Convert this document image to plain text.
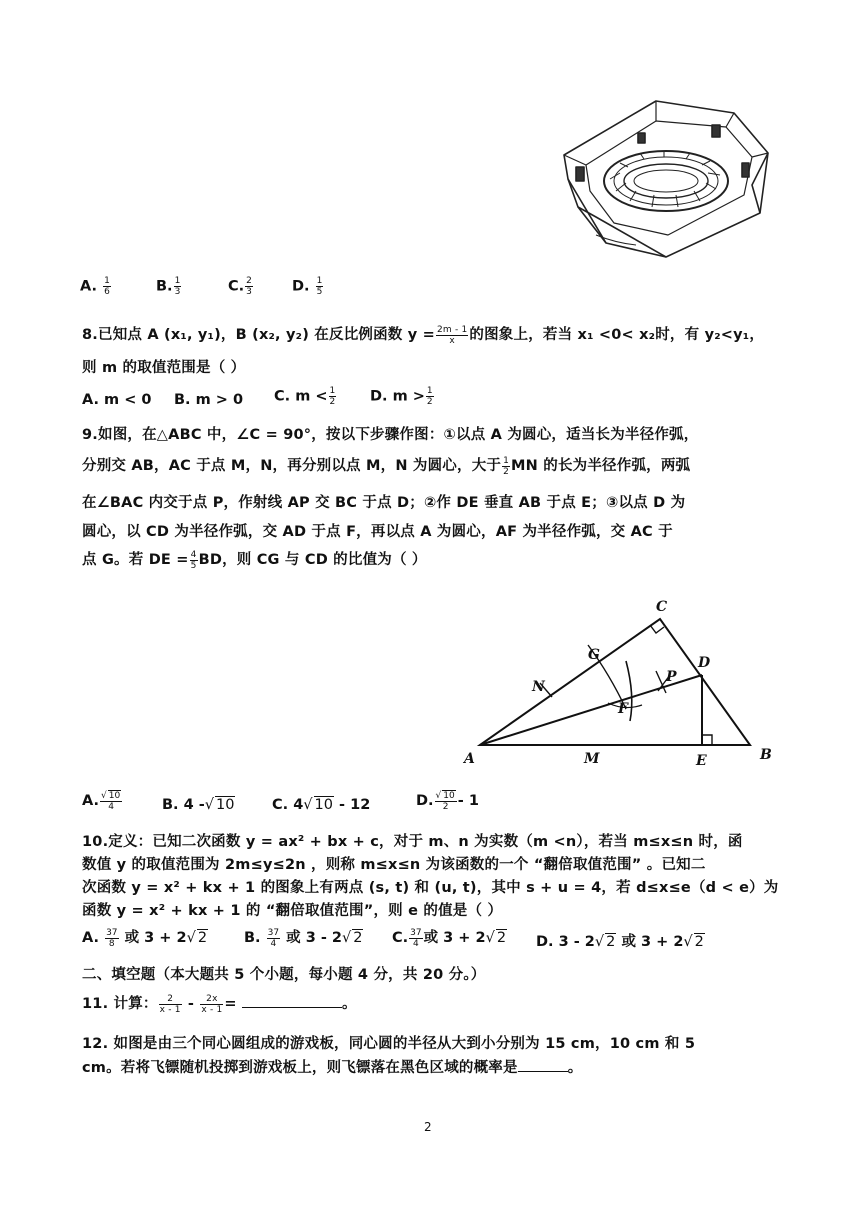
A. $\frac{1}{6}$	B. $\frac{1}{3}$	C. $\frac{2}{3}$	D. $\frac{1}{5}$
8.已知点 A (x₁, y₁)，B (x₂, y₂) 在反比例函数 $y = \frac{2m - 1}{x}$ 的图象上，若当 x₁ <0< x₂时，有 y₂<y₁，
则 m 的取值范围是（ ）
A. m < 0 B. m > 0 C. $m < \frac{1}{2} D$. $m > \frac{1}{2}$
9.如图，在△ABC 中，∠C = 90°，按以下步骤作图：①以点 A 为圆心，适当长为半径作弧，
分别交 AB，AC 于点 M，N，再分别以点 M，N 为圆心，大于 $\frac{1}{2}$ MN 的长为半径作弧，两弧
在∠BAC 内交于点 P，作射线 AP 交 BC 于点 D；②作 DE 垂直 AB 于点 E；③以点 D 为
圆心，以 CD 为半径作弧，交 AD 于点 F，再以点 A 为圆心，AF 为半径作弧，交 AC 于
点 G。若 DE = $\frac{4}{5}$ BD，则 CG 与 CD 的比值为（ ）
C
A	B
D
E
F
G
M
N
P
A. $\frac{√ 10}{4}$	B. 4 -√ 10	C. 4√ 10 - 12	D. $\frac{√ 10}{2} - 1$
10.定义：已知二次函数 y = ax² + bx + c，对于 m、n 为实数（m <n），若当 m≤x≤n 时，函
数值 y 的取值范围为 2m≤y≤2n ，则称 m≤x≤n 为该函数的一个 “翻倍取值范围” 。已知二
次函数 y = x² + kx + 1 的图象上有两点 (s, t) 和 (u, t)，其中 s + u = 4，若 d≤x≤e（d < e）为
函数 y = x² + kx + 1 的 “翻倍取值范围”，则 e 的值是（ ）
A. $\frac{37}{8}$ 或 3 + 2√ 2	B. $\frac{37}{4}$ 或 3 - 2√ 2 C. $\frac{37}{4}$ 或 3 + 2√ 2 D. 3 - 2√ 2 或 3 + 2√ 2
二、填空题（本大题共 5 个小题，每小题 4 分，共 20 分。）
11. 计算： $\frac{2}{x - 1} - \frac{2x}{x - 1}$ =	。
12. 如图是由三个同心圆组成的游戏板，同心圆的半径从大到小分别为 15 cm，10 cm 和 5
cm。若将飞镖随机投掷到游戏板上，则飞镖落在黑色区域的概率是	。
2
